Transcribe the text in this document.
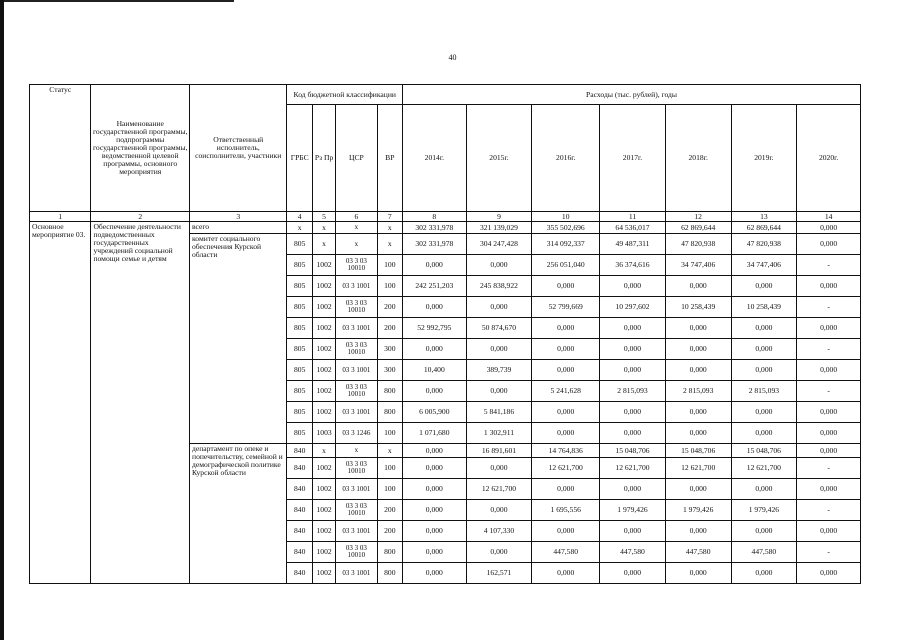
40
Статус	Наименование государственной программы, подпрограммы государственной программы, ведомственной целевой программы, основного мероприятия	Ответственный исполнитель, соисполнители, участники	Код бюджетной классификации				Расходы (тыс. рублей), годы						
			ГРБС	Рз Пр	ЦСР	ВР	2014г.	2015г.	2016г.	2017г.	2018г.	2019г.	2020г.
1	2	3	4	5	6	7	8	9	10	11	12	13	14
Основное мероприятие 03.	Обеспечение деятельности подведомственных государственных учреждений социальной помощи семье и детям	всего	х	х	х	х	302 331,978	321 139,029	355 502,696	64 536,017	62 869,644	62 869,644	0,000
		комитет социального обеспечения Курской области	805	х	х	х	302 331,978	304 247,428	314 092,337	49 487,311	47 820,938	47 820,938	0,000
			805	1002	03 3 03 10010	100	0,000	0,000	256 051,040	36 374,616	34 747,406	34 747,406	-
			805	1002	03 3 1001	100	242 251,203	245 838,922	0,000	0,000	0,000	0,000	0,000
			805	1002	03 3 03 10010	200	0,000	0,000	52 799,669	10 297,602	10 258,439	10 258,439	-
			805	1002	03 3 1001	200	52 992,795	50 874,670	0,000	0,000	0,000	0,000	0,000
			805	1002	03 3 03 10010	300	0,000	0,000	0,000	0,000	0,000	0,000	-
			805	1002	03 3 1001	300	10,400	389,739	0,000	0,000	0,000	0,000	0,000
			805	1002	03 3 03 10010	800	0,000	0,000	5 241,628	2 815,093	2 815,093	2 815,093	-
			805	1002	03 3 1001	800	6 005,900	5 841,186	0,000	0,000	0,000	0,000	0,000
			805	1003	03 3 1246	100	1 071,680	1 302,911	0,000	0,000	0,000	0,000	0,000
		департамент по опеке и попечительству, семейной и демографической политике Курской области	840	х	х	х	0,000	16 891,601	14 764,836	15 048,706	15 048,706	15 048,706	0,000
			840	1002	03 3 03 10010	100	0,000	0,000	12 621,700	12 621,700	12 621,700	12 621,700	-
			840	1002	03 3 1001	100	0,000	12 621,700	0,000	0,000	0,000	0,000	0,000
			840	1002	03 3 03 10010	200	0,000	0,000	1 695,556	1 979,426	1 979,426	1 979,426	-
			840	1002	03 3 1001	200	0,000	4 107,330	0,000	0,000	0,000	0,000	0,000
			840	1002	03 3 03 10010	800	0,000	0,000	447,580	447,580	447,580	447,580	-
			840	1002	03 3 1001	800	0,000	162,571	0,000	0,000	0,000	0,000	0,000
